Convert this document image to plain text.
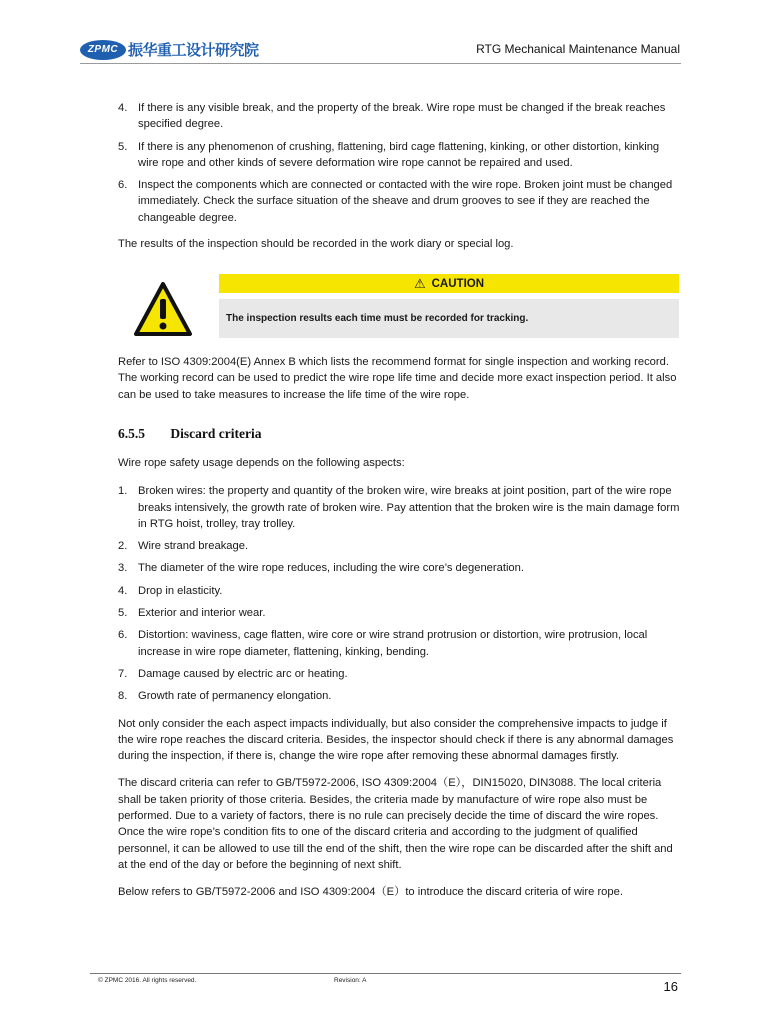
ZPMC 振华重工设计研究院	RTG Mechanical Maintenance Manual
4. If there is any visible break, and the property of the break. Wire rope must be changed if the break reaches specified degree.
5. If there is any phenomenon of crushing, flattening, bird cage flattening, kinking, or other distortion, kinking wire rope and other kinds of severe deformation wire rope cannot be repaired and used.
6. Inspect the components which are connected or contacted with the wire rope. Broken joint must be changed immediately. Check the surface situation of the sheave and drum grooves to see if they are reached the changeable degree.

The results of the inspection should be recorded in the work diary or special log.

⚠ CAUTION
The inspection results each time must be recorded for tracking.

Refer to ISO 4309:2004(E) Annex B which lists the recommend format for single inspection and working record. The working record can be used to predict the wire rope life time and decide more exact inspection period. It also can be used to take measures to increase the life time of the wire rope.

6.5.5 Discard criteria

Wire rope safety usage depends on the following aspects:

1. Broken wires: the property and quantity of the broken wire, wire breaks at joint position, part of the wire rope breaks intensively, the growth rate of broken wire. Pay attention that the broken wire is the main damage form in RTG hoist, trolley, tray trolley.
2. Wire strand breakage.
3. The diameter of the wire rope reduces, including the wire core’s degeneration.
4. Drop in elasticity.
5. Exterior and interior wear.
6. Distortion: waviness, cage flatten, wire core or wire strand protrusion or distortion, wire protrusion, local increase in wire rope diameter, flattening, kinking, bending.
7. Damage caused by electric arc or heating.
8. Growth rate of permanency elongation.

Not only consider the each aspect impacts individually, but also consider the comprehensive impacts to judge if the wire rope reaches the discard criteria. Besides, the inspector should check if there is any abnormal damages during the inspection, if there is, change the wire rope after removing these abnormal damages firstly.

The discard criteria can refer to GB/T5972-2006, ISO 4309:2004（E），DIN15020, DIN3088. The local criteria shall be taken priority of those criteria. Besides, the criteria made by manufacture of wire rope also must be performed. Due to a variety of factors, there is no rule can precisely decide the time of discard the wire ropes. Once the wire rope’s condition fits to one of the discard criteria and according to the judgment of qualified personnel, it can be allowed to use till the end of the shift, then the wire rope can be discarded after the shift and at the end of the day or before the beginning of next shift.

Below refers to GB/T5972-2006 and ISO 4309:2004（E）to introduce the discard criteria of wire rope.

© ZPMC 2016. All rights reserved.	Revision: A	16
